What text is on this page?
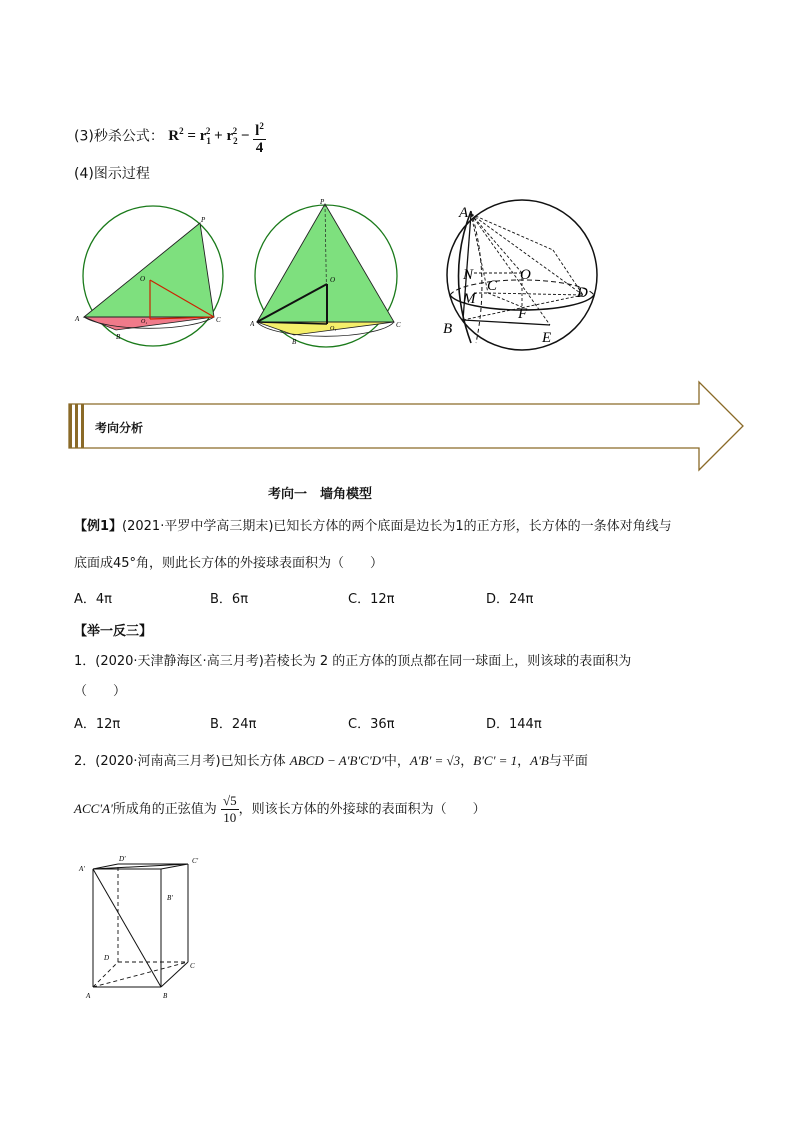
(3)秒杀公式： $R^2 = r_1^2 + r_2^2 - \frac{l^2}{4}$
(4)图示过程
P
O
O₁
A
B
C
P
O
O₁
A
B
C
A
N
C
O
M	D
F
B
E
考向分析
考向一　墙角模型
【例1】(2021·平罗中学高三期末)已知长方体的两个底面是边长为1的正方形，长方体的一条体对角线与
底面成45°角，则此长方体的外接球表面积为（　　）
A．4π	B．6π	C．12π	D．24π
【举一反三】
1．(2020·天津静海区·高三月考)若棱长为 2 的正方体的顶点都在同一球面上，则该球的表面积为
（　　）
A．12π	B．24π	C．36π	D．144π
2．(2020·河南高三月考)已知长方体 ABCD − A'B'C'D'中，A'B' = √3，B'C' = 1，A'B与平面
ACC'A'所成角的正弦值为 $\frac{√5}{10}$ ，则该长方体的外接球的表面积为（　　）
D'	C'
A'
B'
D
C
A	B
